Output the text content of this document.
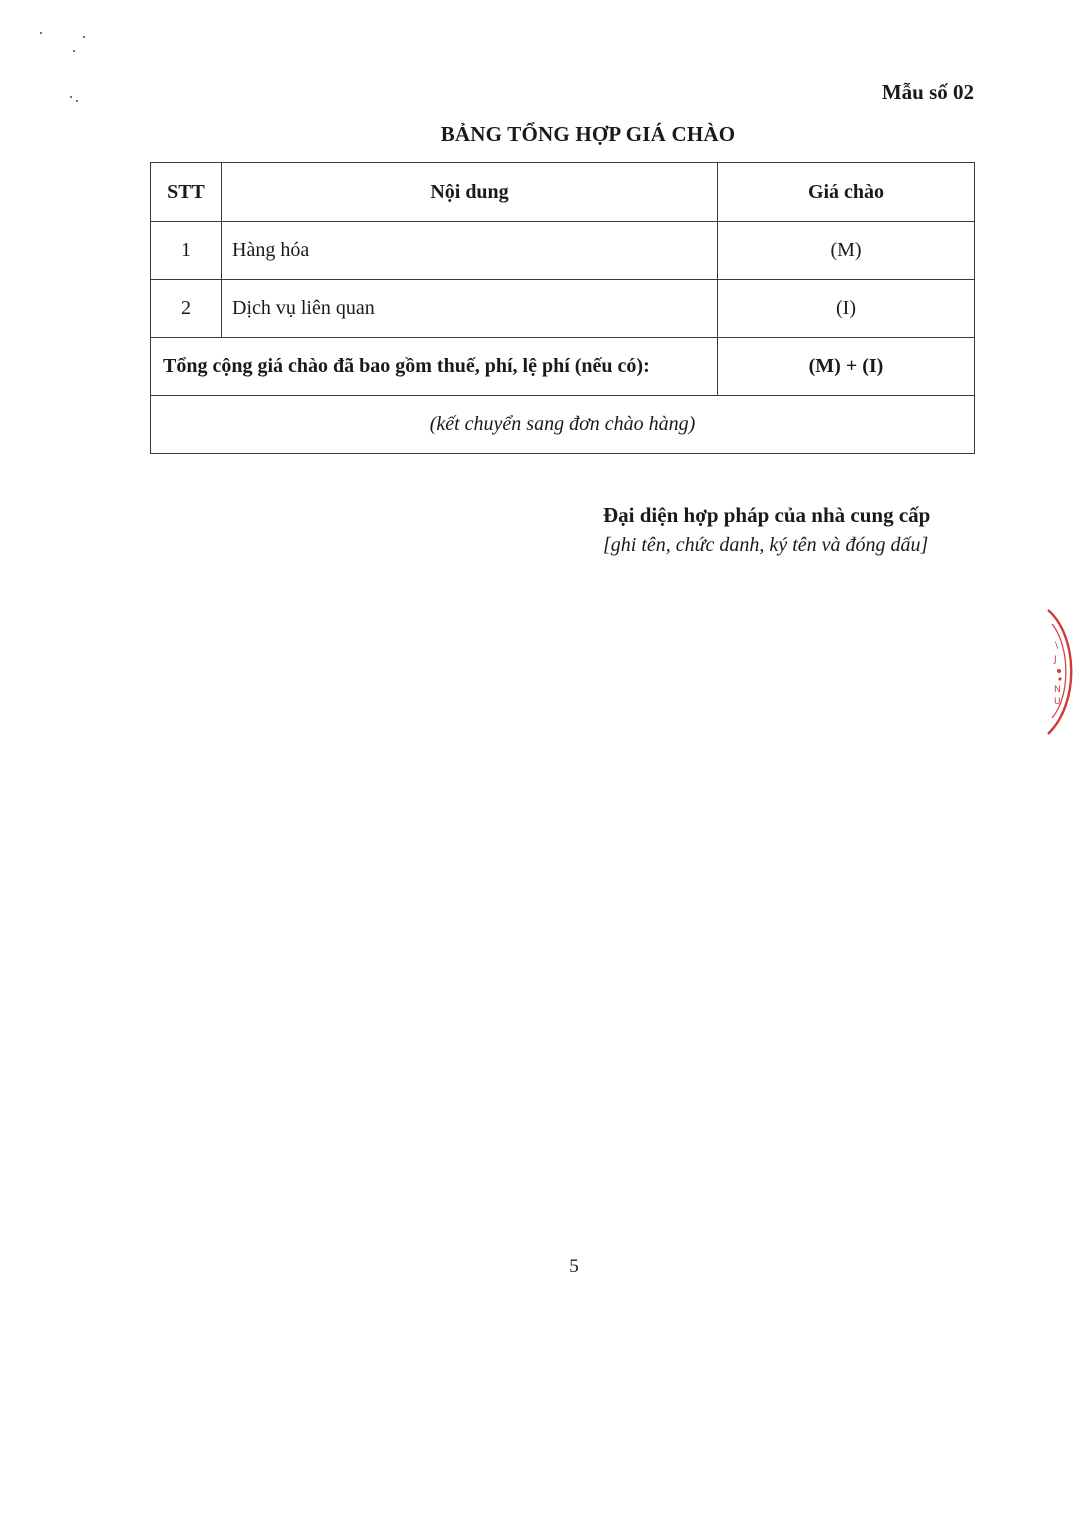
Mẫu số 02
BẢNG TỔNG HỢP GIÁ CHÀO
STT	Nội dung	Giá chào
1	Hàng hóa	(M)
2	Dịch vụ liên quan	(I)
Tổng cộng giá chào đã bao gồm thuế, phí, lệ phí (nếu có):		(M) + (I)
(kết chuyển sang đơn chào hàng)		
Đại diện hợp pháp của nhà cung cấp
[ghi tên, chức danh, ký tên và đóng dấu]
\
J
N
U
5
